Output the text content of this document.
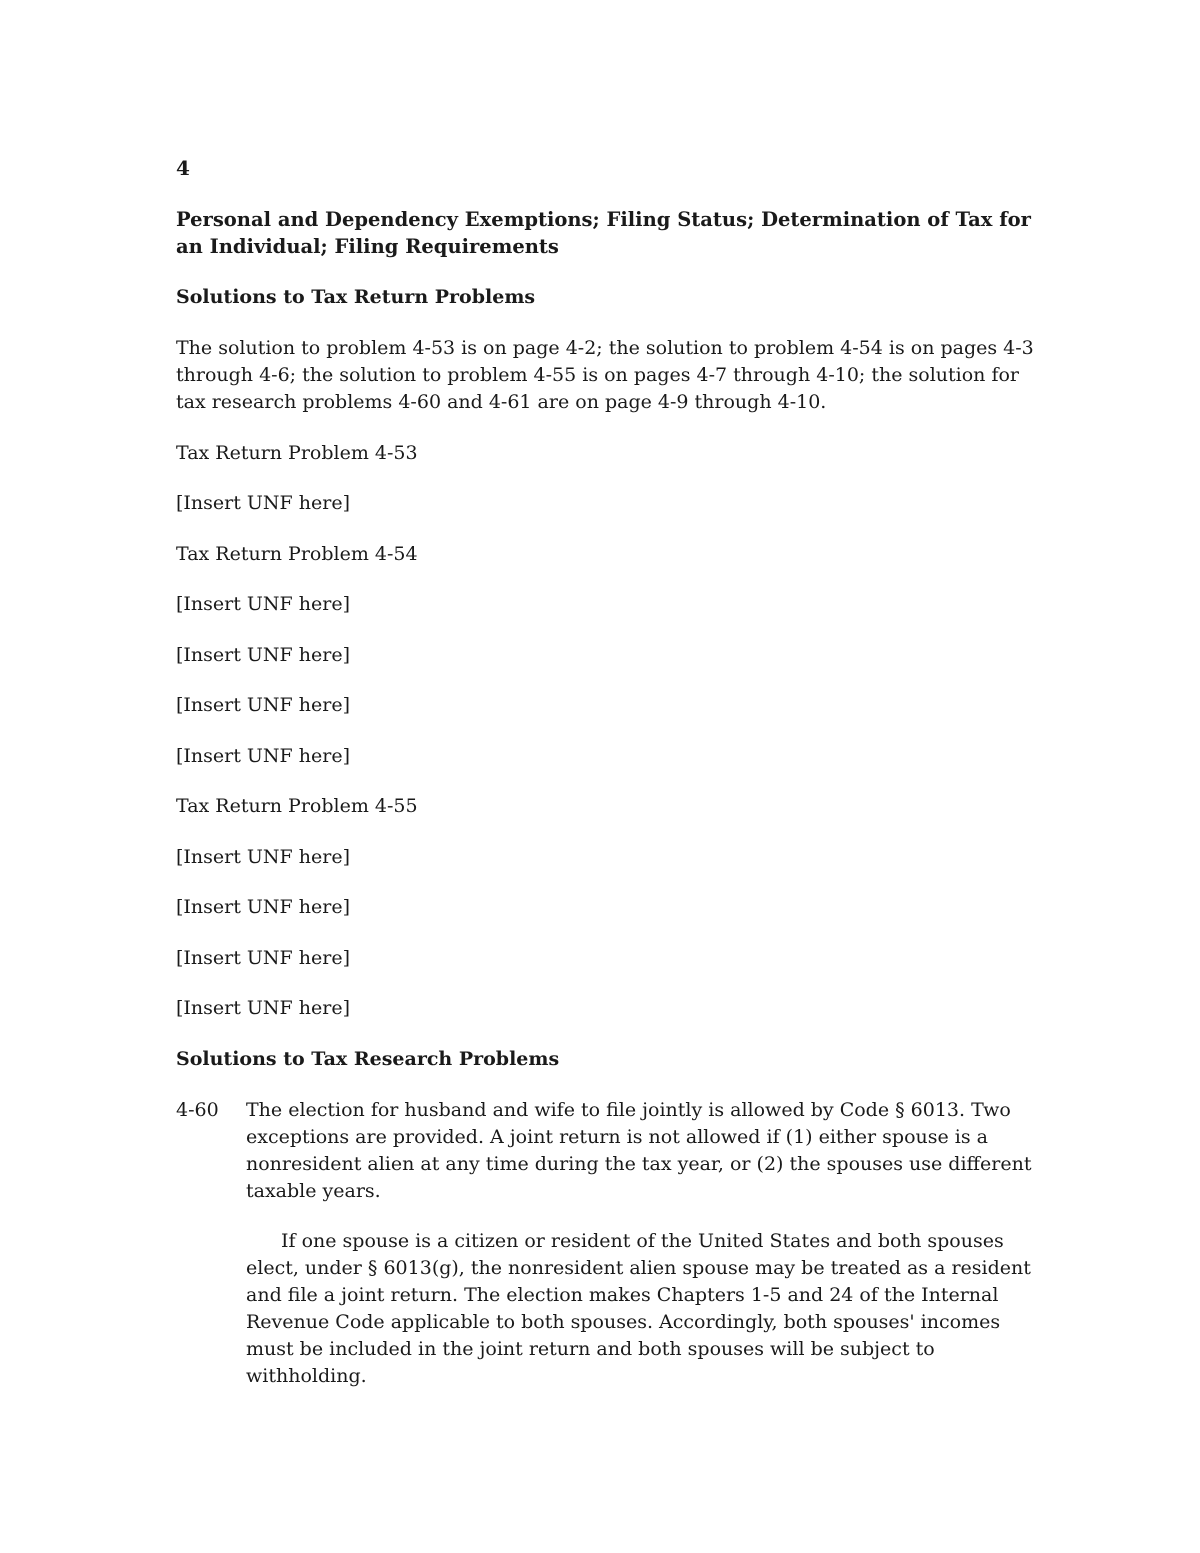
4
Personal and Dependency Exemptions; Filing Status; Determination of Tax for an Individual; Filing Requirements
Solutions to Tax Return Problems
The solution to problem 4-53 is on page 4-2; the solution to problem 4-54 is on pages 4-3 through 4-6; the solution to problem 4-55 is on pages 4-7 through 4-10; the solution for tax research problems 4-60 and 4-61 are on page 4-9 through 4-10.
Tax Return Problem 4-53
[Insert UNF here]
Tax Return Problem 4-54
[Insert UNF here]
[Insert UNF here]
[Insert UNF here]
[Insert UNF here]
Tax Return Problem 4-55
[Insert UNF here]
[Insert UNF here]
[Insert UNF here]
[Insert UNF here]
Solutions to Tax Research Problems
4-60	The election for husband and wife to file jointly is allowed by Code § 6013. Two exceptions are provided. A joint return is not allowed if (1) either spouse is a nonresident alien at any time during the tax year, or (2) the spouses use different taxable years.

If one spouse is a citizen or resident of the United States and both spouses elect, under § 6013(g), the nonresident alien spouse may be treated as a resident and file a joint return. The election makes Chapters 1-5 and 24 of the Internal Revenue Code applicable to both spouses. Accordingly, both spouses' incomes must be included in the joint return and both spouses will be subject to withholding.
